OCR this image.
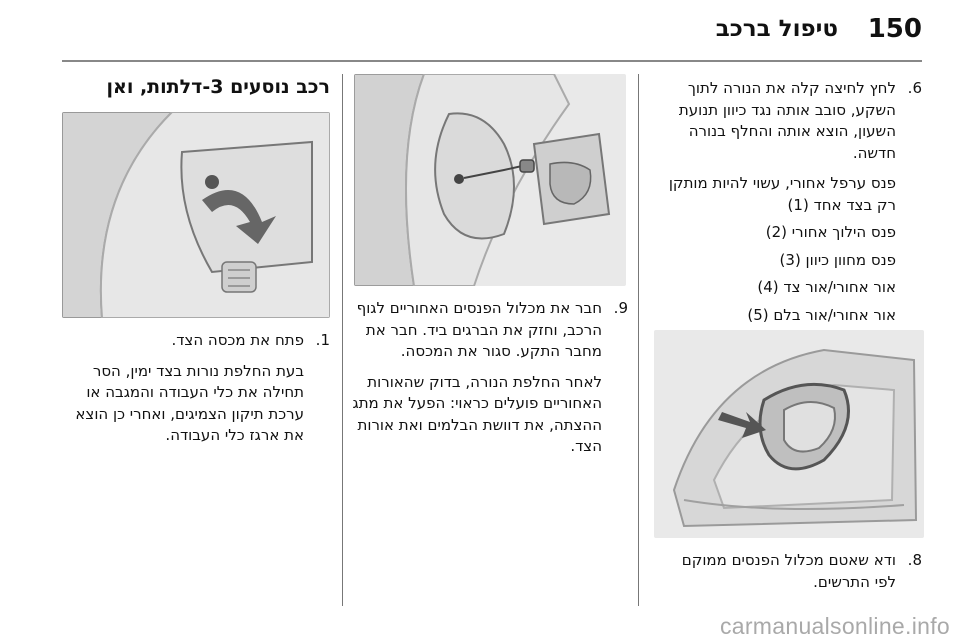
150
טיפול ברכב
6.

לחץ לחיצה קלה את הנורה לתוך השקע, סובב אותה נגד כיוון תנועת השעון, הוצא אותה והחלף בנורה חדשה.

פנס ערפל אחורי, עשוי להיות מותקן רק בצד אחד (1)

פנס הילוך אחורי (2)

פנס מחוון כיוון (3)

אור אחורי/אור צד (4)

אור אחורי/אור בלם (5)

8.

ודא שאטם מכלול הפנסים ממוקם לפי התרשים.

9.

חבר את מכלול הפנסים האחוריים לגוף הרכב, וחזק את הברגים ביד. חבר את מחבר התקע. סגור את המכסה.

לאחר החלפת הנורה, בדוק שהאורות האחוריים פועלים כראוי: הפעל את מתג ההצתה, את דוושת הבלמים ואת אורות הצד.

רכב נוסעים 3-דלתות, ואן
1.

פתח את מכסה הצד.

בעת החלפת נורות בצד ימין, הסר תחילה את כלי העבודה והמגבה או ערכת תיקון הצמיגים, ואחרי כן הוצא את ארגז כלי העבודה.

carmanualsonline.info
